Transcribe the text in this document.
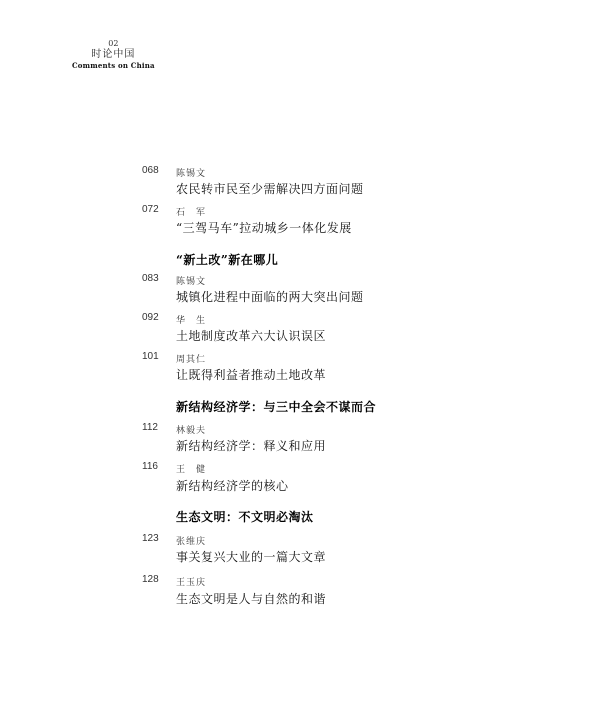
02
时论中国
Comments on China
068 陈锡文
农民转市民至少需解决四方面问题
072 石　军
“三驾马车”拉动城乡一体化发展
“新土改”新在哪儿
083 陈锡文
城镇化进程中面临的两大突出问题
092 华　生
土地制度改革六大认识误区
101 周其仁
让既得利益者推动土地改革
新结构经济学：与三中全会不谋而合
112 林毅夫
新结构经济学：释义和应用
116 王　健
新结构经济学的核心
生态文明：不文明必淘汰
123 张维庆
事关复兴大业的一篇大文章
128 王玉庆
生态文明是人与自然的和谐
